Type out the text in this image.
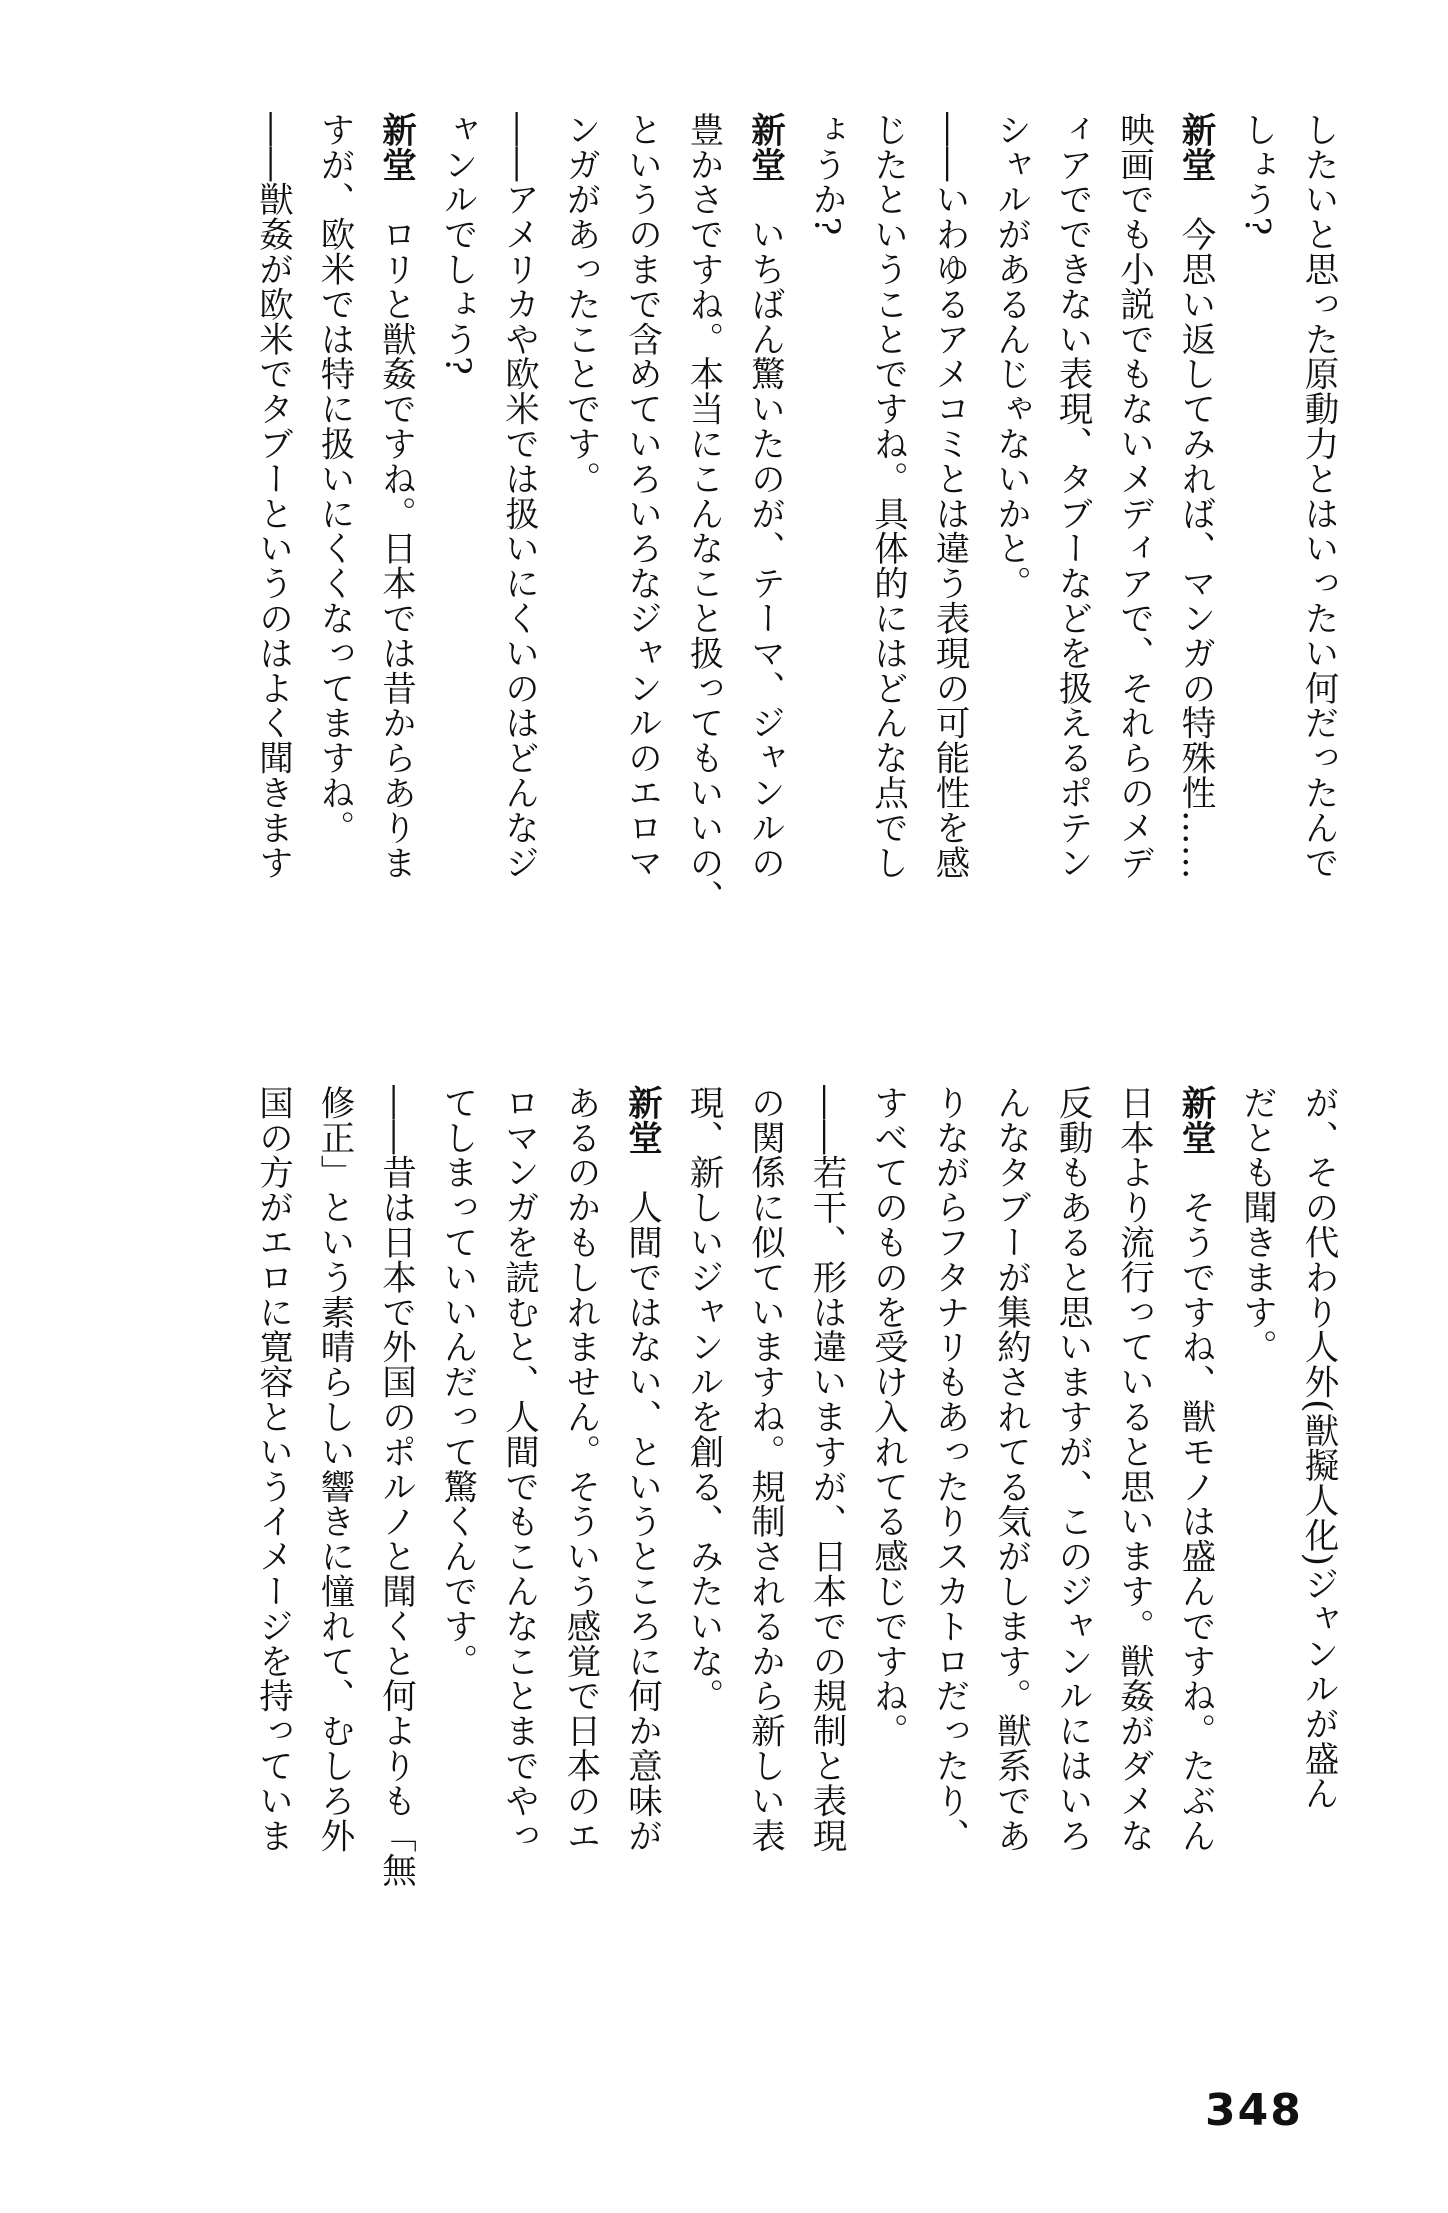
したいと思った原動力とはいったい何だったんで
しょう?
新堂　今思い返してみれば、マンガの特殊性……
映画でも小説でもないメディアで、それらのメデ
ィアでできない表現、タブーなどを扱えるポテン
シャルがあるんじゃないかと。
――いわゆるアメコミとは違う表現の可能性を感
じたということですね。具体的にはどんな点でし
ょうか?
新堂　いちばん驚いたのが、テーマ、ジャンルの
豊かさですね。本当にこんなこと扱ってもいいの、
というのまで含めていろいろなジャンルのエロマ
ンガがあったことです。
――アメリカや欧米では扱いにくいのはどんなジ
ャンルでしょう?
新堂　ロリと獣姦ですね。日本では昔からありま
すが、欧米では特に扱いにくくなってますね。
――獣姦が欧米でタブーというのはよく聞きます
が、その代わり人外(獣擬人化)ジャンルが盛ん
だとも聞きます。
新堂　そうですね、獣モノは盛んですね。たぶん
日本より流行っていると思います。獣姦がダメな
反動もあると思いますが、このジャンルにはいろ
んなタブーが集約されてる気がします。獣系であ
りながらフタナリもあったりスカトロだったり、
すべてのものを受け入れてる感じですね。
――若干、形は違いますが、日本での規制と表現
の関係に似ていますね。規制されるから新しい表
現、新しいジャンルを創る、みたいな。
新堂　人間ではない、というところに何か意味が
あるのかもしれません。そういう感覚で日本のエ
ロマンガを読むと、人間でもこんなことまでやっ
てしまっていいんだって驚くんです。
――昔は日本で外国のポルノと聞くと何よりも「無
修正」という素晴らしい響きに憧れて、むしろ外
国の方がエロに寛容というイメージを持っていま
348
